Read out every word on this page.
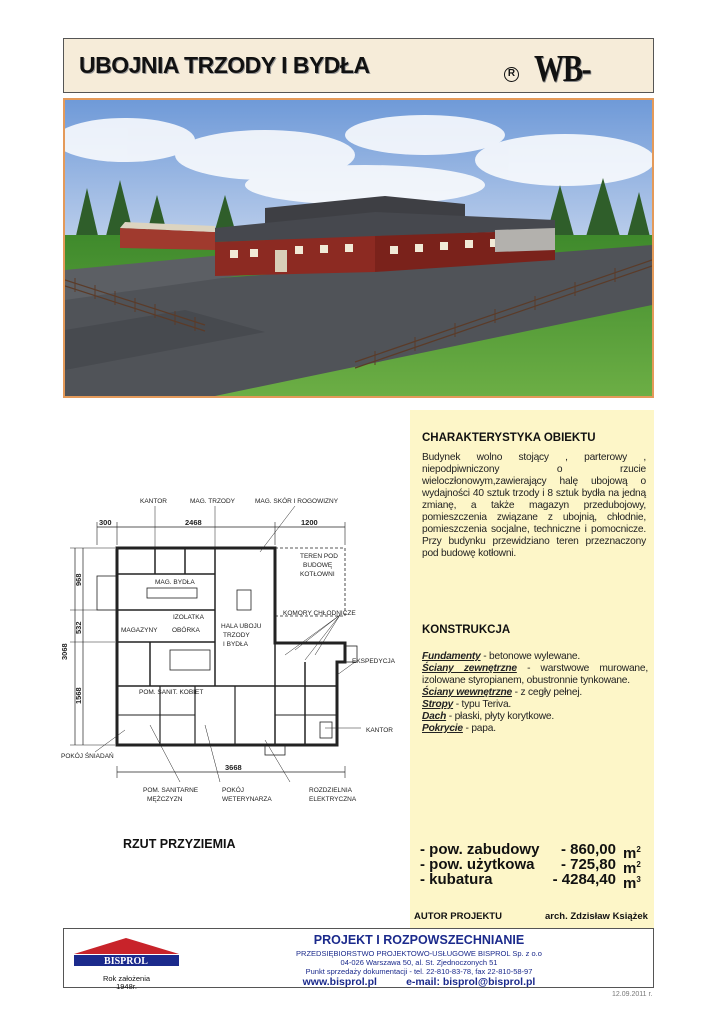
UBOJNIA TRZODY I BYDŁA	R WB-
CHARAKTERYSTYKA OBIEKTU
Budynek wolno stojący , parterowy , niepodpiwniczony o rzucie wieloczłonowym,zawierający halę ubojową o wydajności 40 sztuk trzody i 8 sztuk bydła na jedną zmianę, a także magazyn przedubojowy, pomieszczenia związane z ubojnią, chłodnie, pomieszczenia socjalne, techniczne i pomocnicze. Przy budynku przewidziano teren przeznaczony pod budowę kotłowni.
KONSTRUKCJA
Fundamenty - betonowe wylewane.
Ściany zewnętrzne - warstwowe murowane, izolowane styropianem, obustronnie tynkowane.
Ściany wewnętrzne - z cegły pełnej.
Stropy - typu Teriva.
Dach - płaski, płyty korytkowe.
Pokrycie - papa.
- pow. zabudowy - 860,00 $m^2$
- pow. użytkowa - 725,80 $m^2$
- kubatura	- 4284,40 $m^3$
KANTOR	MAG. TRZODY	MAG. SKÓR I ROGOWIZNY
TEREN POD
BUDOWĘ
KOTŁOWNI
MAG. BYDŁA
IZOLATKA
KOMORY CHŁODNICZE
MAGAZYNY OBÓRKA
HALA UBOJU
TRZODY
I BYDŁA
EKSPEDYCJA
POM. SANIT. KOBIET
KANTOR
POKÓJ ŚNIADAŃ
POM. SANITARNE
MĘŻCZYZN
POKÓJ
WETERYNARZA
ROZDZIELNIA
ELEKTRYCZNA
300	2468	1200
3668
968
532
3068
1568
RZUT PRZYZIEMIA
AUTOR PROJEKTU	arch. Zdzisław Książek
BISPROL
Rok założenia
1948r.
PROJEKT I ROZPOWSZECHNIANIE
PRZEDSIĘBIORSTWO PROJEKTOWO-USŁUGOWE BISPROL Sp. z o.o
04-026 Warszawa 50, al. St. Zjednoczonych 51
Punkt sprzedaży dokumentacji - tel. 22-810-83-78, fax 22-810-58-97
www.bisprol.pl          e-mail: bisprol@bisprol.pl
12.09.2011 r.
